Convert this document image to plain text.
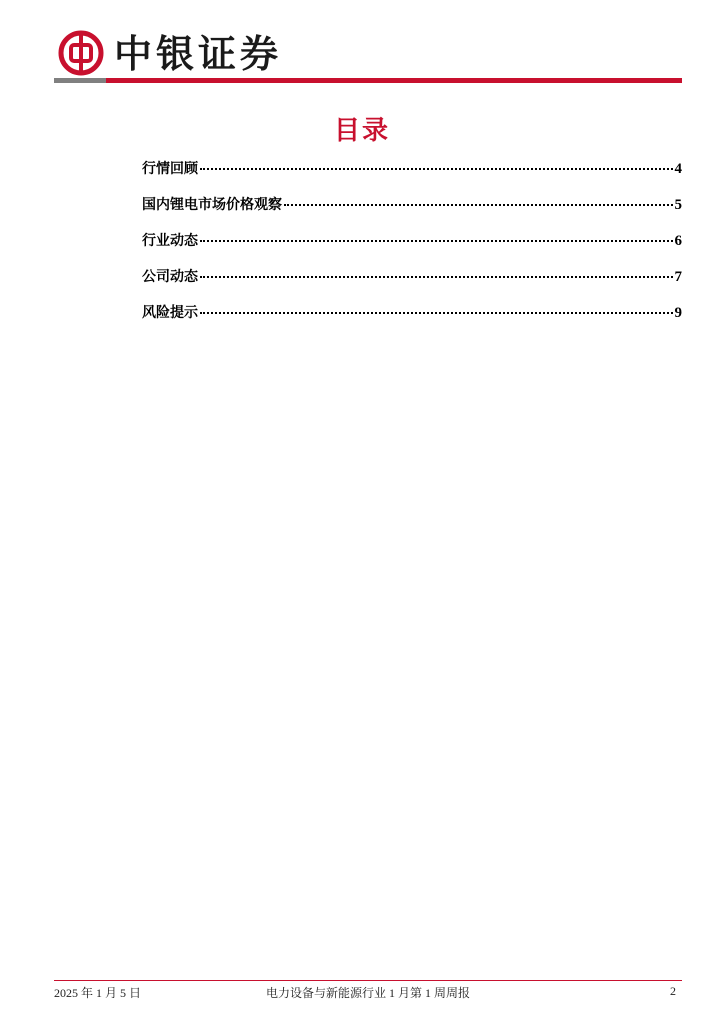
中银证券
目录
行情回顾	4
国内锂电市场价格观察	5
行业动态	6
公司动态	7
风险提示	9
2025 年 1 月 5 日	电力设备与新能源行业 1 月第 1 周周报	2
